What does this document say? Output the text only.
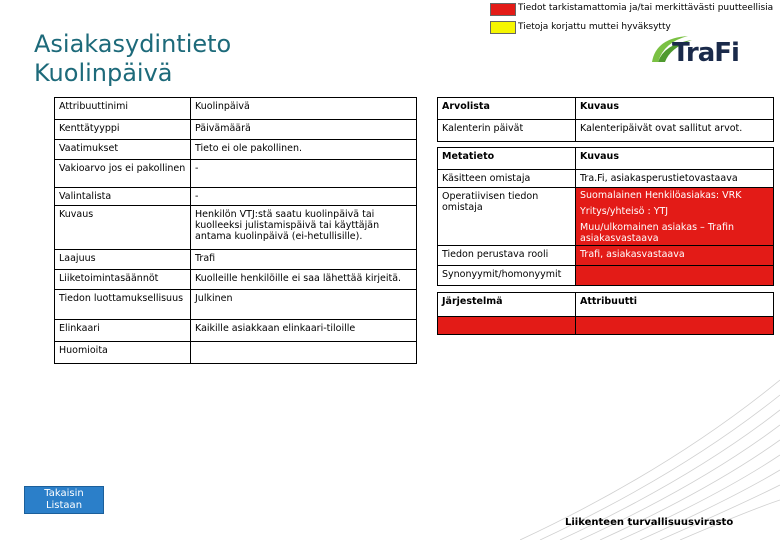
Tiedot tarkistamattomia ja/tai merkittävästi puutteellisia
Tietoja korjattu muttei hyväksytty
Asiakasydintieto
Kuolinpäivä
TraFi
Attribuuttinimi	Kuolinpäivä
Kenttätyyppi	Päivämäärä
Vaatimukset	Tieto ei ole pakollinen.
Vakioarvo jos ei pakollinen	-
Valintalista	-
Kuvaus	Henkilön VTJ:stä saatu kuolinpäivä tai kuolleeksi julistamispäivä tai käyttäjän antama kuolinpäivä (ei-hetullisille).
Laajuus	Trafi
Liiketoimintasäännöt	Kuolleille henkilöille ei saa lähettää kirjeitä.
Tiedon luottamuksellisuus	Julkinen
Elinkaari	Kaikille asiakkaan elinkaari-tiloille
Huomioita	
Arvolista	Kuvaus
Kalenterin päivät	Kalenteripäivät ovat sallitut arvot.
Metatieto	Kuvaus
Käsitteen omistaja	Tra.Fi, asiakasperustietovastaava
Operatiivisen tiedon omistaja	Suomalainen Henkilöasiakas: VRK
Yritys/yhteisö : YTJ
Muu/ulkomainen asiakas – Trafin asiakasvastaava

Tiedon perustava rooli	Trafi, asiakasvastaava
Synonyymit/homonyymit	
Järjestelmä	Attribuutti

Takaisin Listaan
Liikenteen turvallisuusvirasto
